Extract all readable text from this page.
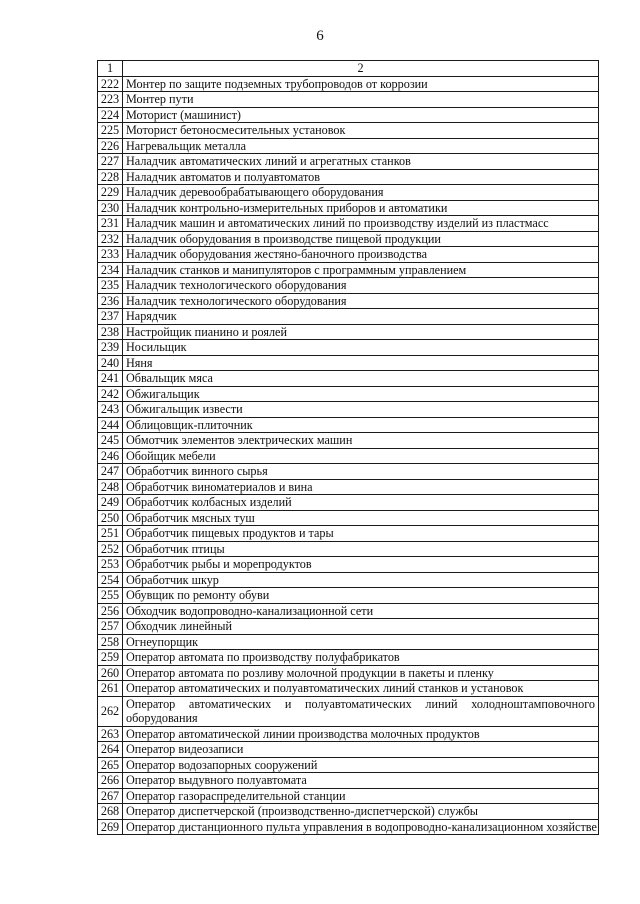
6
1	2
222	Монтер по защите подземных трубопроводов от коррозии
223	Монтер пути
224	Моторист (машинист)
225	Моторист бетоносмесительных установок
226	Нагревальщик металла
227	Наладчик автоматических линий и агрегатных станков
228	Наладчик автоматов и полуавтоматов
229	Наладчик деревообрабатывающего оборудования
230	Наладчик контрольно-измерительных приборов и автоматики
231	Наладчик машин и автоматических линий по производству изделий из пластмасс
232	Наладчик оборудования в производстве пищевой продукции
233	Наладчик оборудования жестяно-баночного производства
234	Наладчик станков и манипуляторов с программным управлением
235	Наладчик технологического оборудования
236	Наладчик технологического оборудования
237	Нарядчик
238	Настройщик пианино и роялей
239	Носильщик
240	Няня
241	Обвальщик мяса
242	Обжигальщик
243	Обжигальщик извести
244	Облицовщик-плиточник
245	Обмотчик элементов электрических машин
246	Обойщик мебели
247	Обработчик винного сырья
248	Обработчик виноматериалов и вина
249	Обработчик колбасных изделий
250	Обработчик мясных туш
251	Обработчик пищевых продуктов и тары
252	Обработчик птицы
253	Обработчик рыбы и морепродуктов
254	Обработчик шкур
255	Обувщик по ремонту обуви
256	Обходчик водопроводно-канализационной сети
257	Обходчик линейный
258	Огнеупорщик
259	Оператор автомата по производству полуфабрикатов
260	Оператор автомата по розливу молочной продукции в пакеты и пленку
261	Оператор автоматических и полуавтоматических линий станков и установок
262	Оператор автоматических и полуавтоматических линий холодноштамповочного оборудования
263	Оператор автоматической линии производства молочных продуктов
264	Оператор видеозаписи
265	Оператор водозапорных сооружений
266	Оператор выдувного полуавтомата
267	Оператор газораспределительной станции
268	Оператор диспетчерской (производственно-диспетчерской) службы
269	Оператор дистанционного пульта управления в водопроводно-канализационном хозяйстве
